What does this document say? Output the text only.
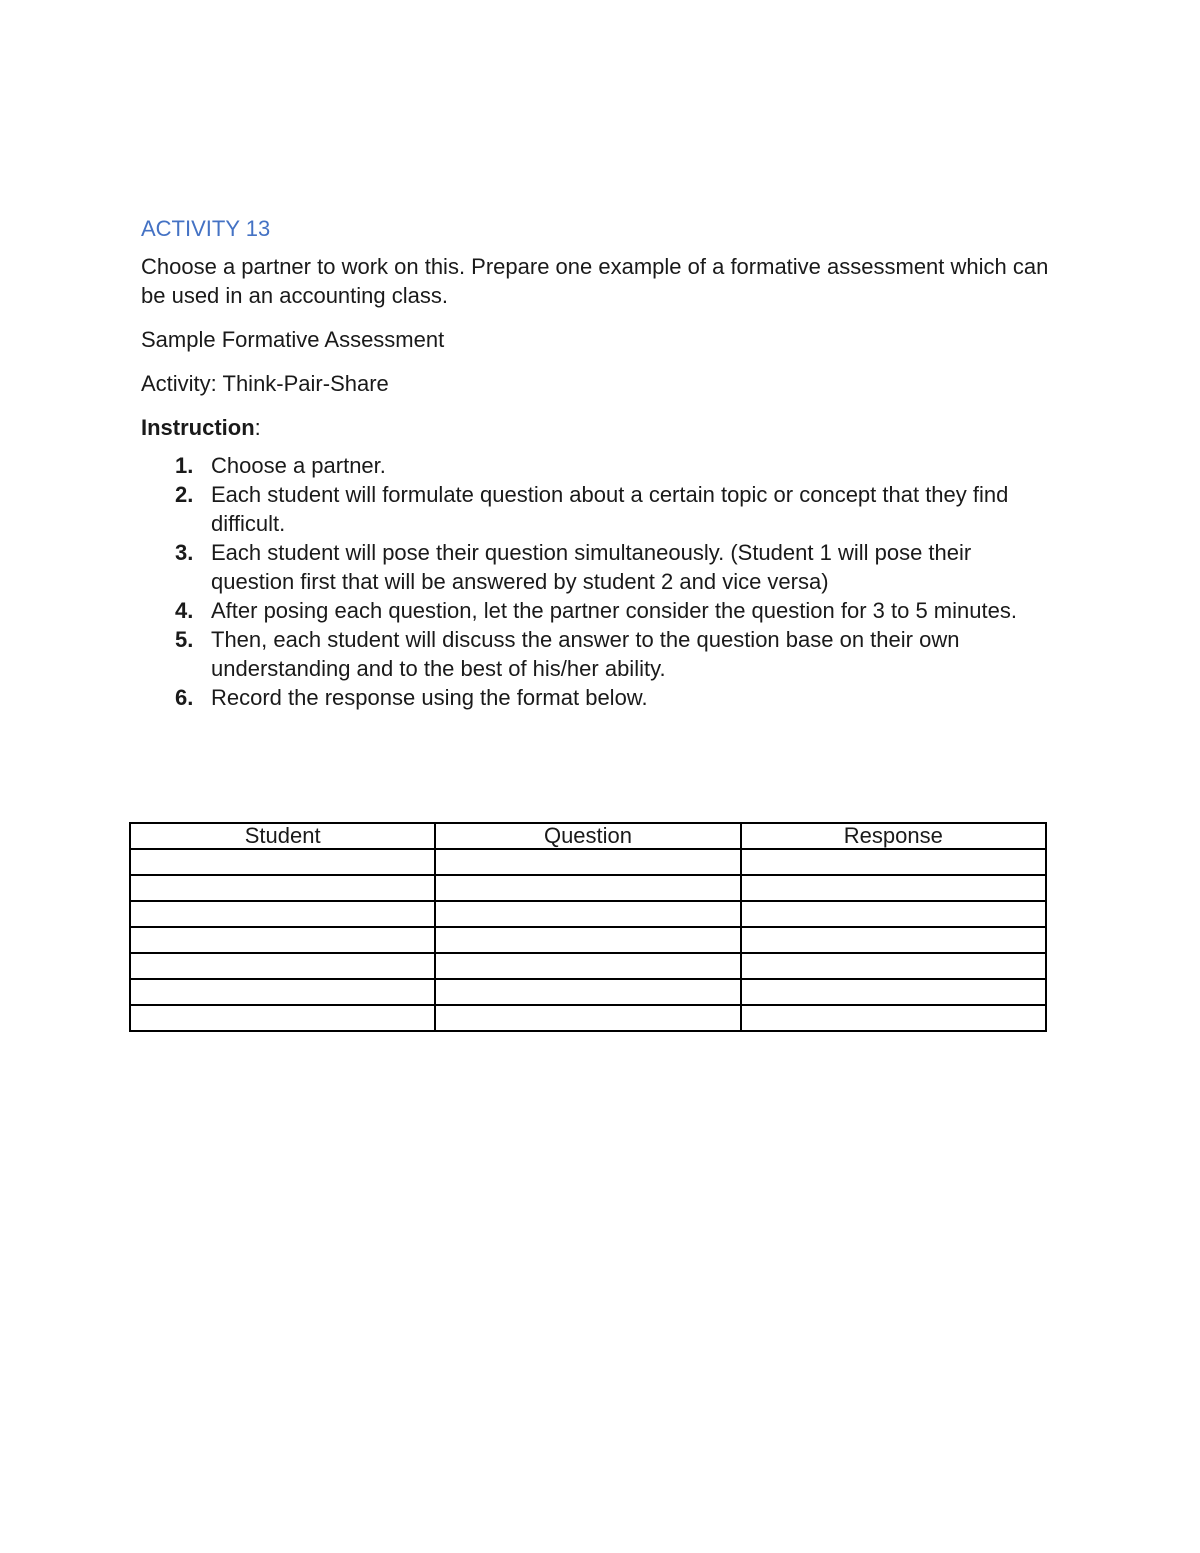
ACTIVITY 13

Choose a partner to work on this. Prepare one example of a formative assessment which can be used in an accounting class.

Sample Formative Assessment

Activity: Think-Pair-Share

Instruction:

1. Choose a partner.
2. Each student will formulate question about a certain topic or concept that they find difficult.
3. Each student will pose their question simultaneously. (Student 1 will pose their question first that will be answered by student 2 and vice versa)
4. After posing each question, let the partner consider the question for 3 to 5 minutes.
5. Then, each student will discuss the answer to the question base on their own understanding and to the best of his/her ability.
6. Record the response using the format below.
Student	Question	Response
